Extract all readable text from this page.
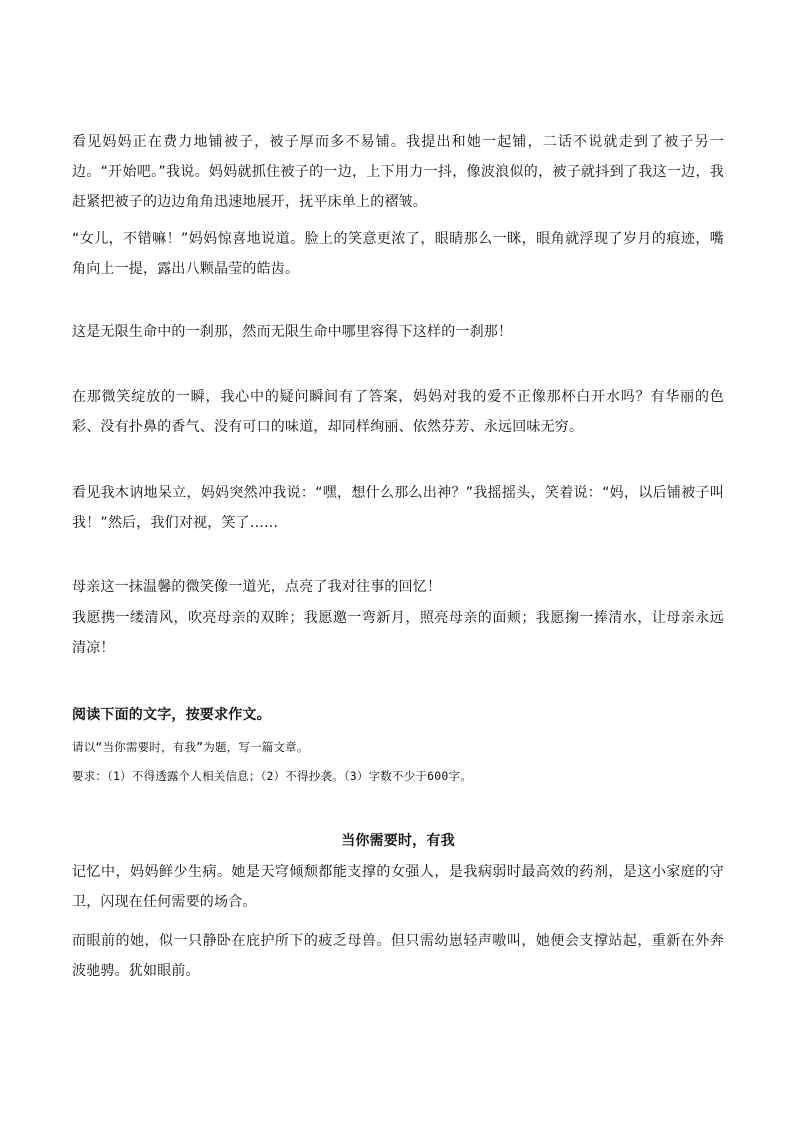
看见妈妈正在费力地铺被子，被子厚而多不易铺。我提出和她一起铺，二话不说就走到了被子另一边。“开始吧。”我说。妈妈就抓住被子的一边，上下用力一抖，像波浪似的，被子就抖到了我这一边，我赶紧把被子的边边角角迅速地展开，抚平床单上的褶皱。
“女儿，不错嘛！”妈妈惊喜地说道。脸上的笑意更浓了，眼睛那么一眯，眼角就浮现了岁月的痕迹，嘴角向上一提，露出八颗晶莹的皓齿。
这是无限生命中的一刹那，然而无限生命中哪里容得下这样的一刹那！
在那微笑绽放的一瞬，我心中的疑问瞬间有了答案，妈妈对我的爱不正像那杯白开水吗？有华丽的色彩、没有扑鼻的香气、没有可口的味道，却同样绚丽、依然芬芳、永远回味无穷。
看见我木讷地呆立，妈妈突然冲我说：“嘿，想什么那么出神？”我摇摇头，笑着说：“妈，以后铺被子叫我！”然后，我们对视，笑了……
母亲这一抹温馨的微笑像一道光，点亮了我对往事的回忆！
我愿携一缕清风，吹亮母亲的双眸；我愿邀一弯新月，照亮母亲的面颊；我愿掬一捧清水，让母亲永远清凉！
阅读下面的文字，按要求作文。
请以“当你需要时，有我”为题，写一篇文章。
要求：（1）不得透露个人相关信息；（2）不得抄袭。（3）字数不少于600字。
当你需要时，有我
记忆中，妈妈鲜少生病。她是天穹倾颓都能支撑的女强人，是我病弱时最高效的药剂，是这小家庭的守卫，闪现在任何需要的场合。
而眼前的她，似一只静卧在庇护所下的疲乏母兽。但只需幼崽轻声嗷叫，她便会支撑站起，重新在外奔波驰骋。犹如眼前。
